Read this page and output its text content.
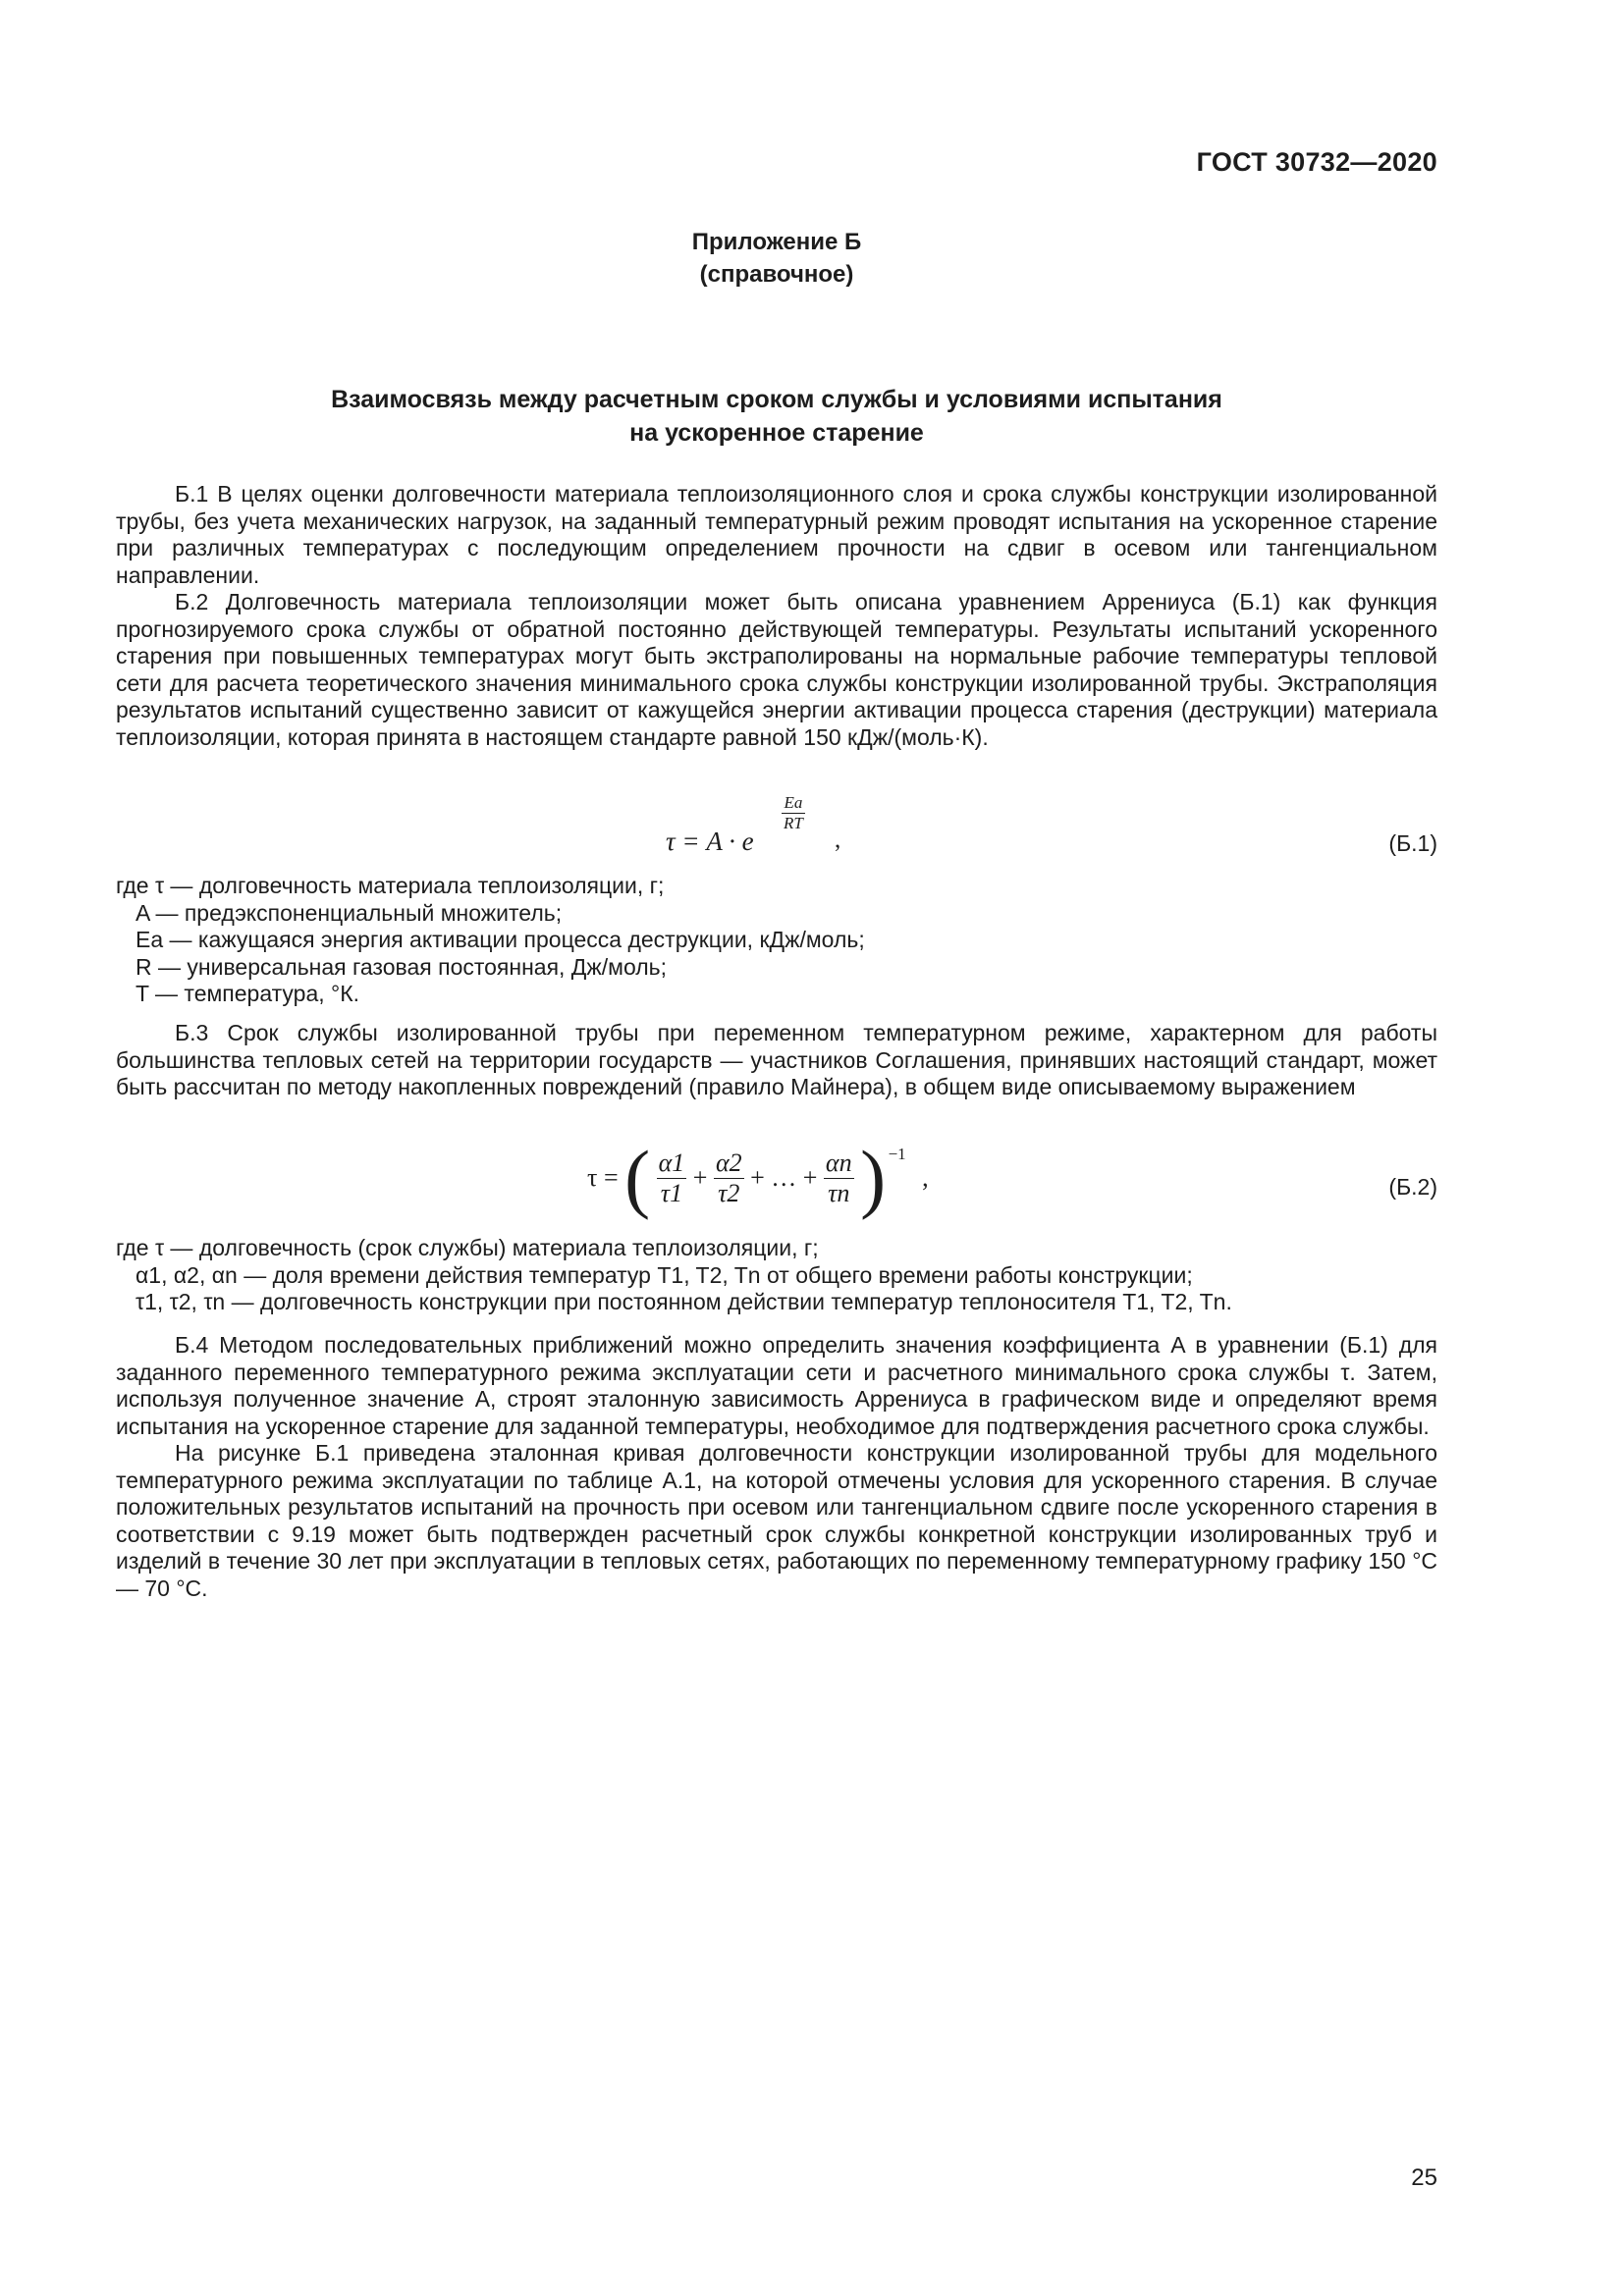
ГОСТ 30732—2020
Приложение Б
(справочное)
Взаимосвязь между расчетным сроком службы и условиями испытания
на ускоренное старение

Б.1 В целях оценки долговечности материала теплоизоляционного слоя и срока службы конструкции изолированной трубы, без учета механических нагрузок, на заданный температурный режим проводят испытания на ускоренное старение при различных температурах с последующим определением прочности на сдвиг в осевом или тангенциальном направлении.

Б.2 Долговечность материала теплоизоляции может быть описана уравнением Аррениуса (Б.1) как функция прогнозируемого срока службы от обратной постоянно действующей температуры. Результаты испытаний ускоренного старения при повышенных температурах могут быть экстраполированы на нормальные рабочие температуры тепловой сети для расчета теоретического значения минимального срока службы конструкции изолированной трубы. Экстраполяция результатов испытаний существенно зависит от кажущейся энергии активации процесса старения (деструкции) материала теплоизоляции, которая принята в настоящем стандарте равной 150 кДж/(моль·К).

τ = A · e
$\frac{Ea}{RT}$
,	(Б.1)
где τ — долговечность материала теплоизоляции, г;
A — предэкспоненциальный множитель;
Ea — кажущаяся энергия активации процесса деструкции, кДж/моль;
R — универсальная газовая постоянная, Дж/моль;
T — температура, °К.

Б.3 Срок службы изолированной трубы при переменном температурном режиме, характерном для работы большинства тепловых сетей на территории государств — участников Соглашения, принявших настоящий стандарт, может быть рассчитан по методу накопленных повреждений (правило Майнера), в общем виде описываемому выражением

τ = ( $\frac{\alpha 1}{\tau 1} + \frac{\alpha 2}{\tau 2}$ + … + $\frac{\alpha n}{\tau n}$ ) −1 ,	(Б.2)
где τ — долговечность (срок службы) материала теплоизоляции, г;
α1, α2, αn — доля времени действия температур T1, T2, Tn от общего времени работы конструкции;
τ1, τ2, τn — долговечность конструкции при постоянном действии температур теплоносителя T1, T2, Tn.

Б.4 Методом последовательных приближений можно определить значения коэффициента A в уравнении (Б.1) для заданного переменного температурного режима эксплуатации сети и расчетного минимального срока службы τ. Затем, используя полученное значение A, строят эталонную зависимость Аррениуса в графическом виде и определяют время испытания на ускоренное старение для заданной температуры, необходимое для подтверждения расчетного срока службы.

На рисунке Б.1 приведена эталонная кривая долговечности конструкции изолированной трубы для модельного температурного режима эксплуатации по таблице А.1, на которой отмечены условия для ускоренного старения. В случае положительных результатов испытаний на прочность при осевом или тангенциальном сдвиге после ускоренного старения в соответствии с 9.19 может быть подтвержден расчетный срок службы конкретной конструкции изолированных труб и изделий в течение 30 лет при эксплуатации в тепловых сетях, работающих по переменному температурному графику 150 °С — 70 °С.

25
